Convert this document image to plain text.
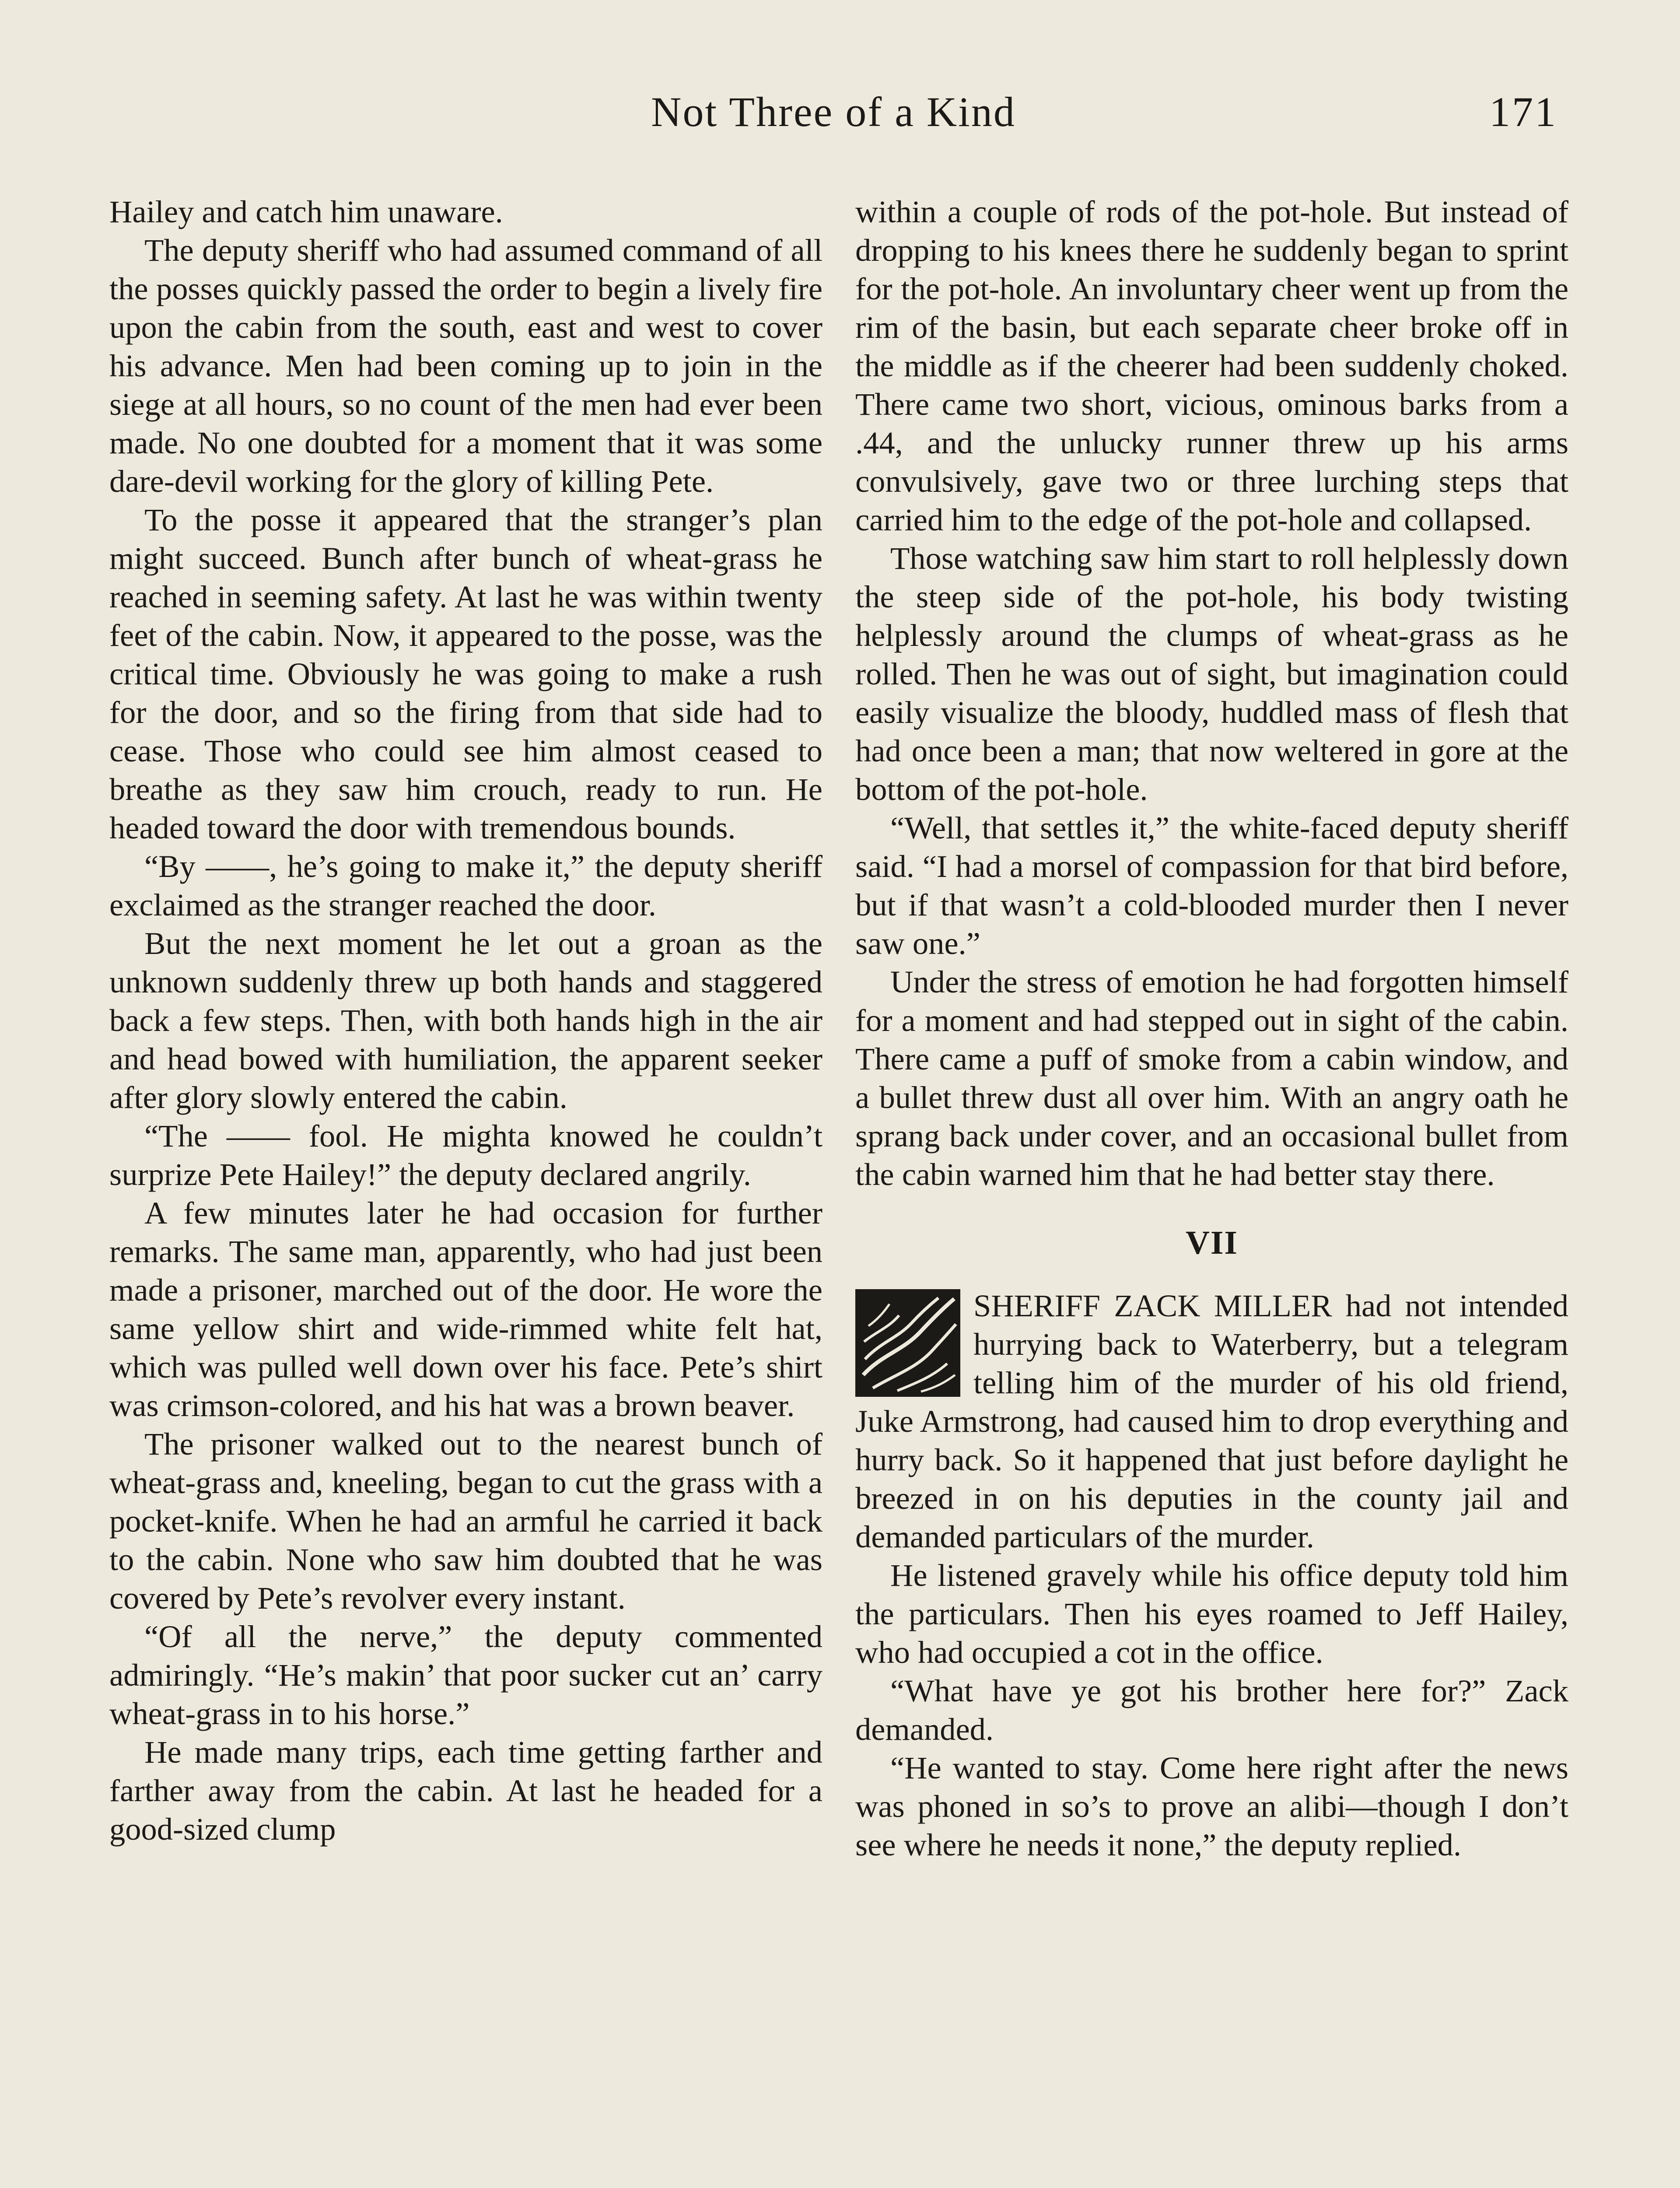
Not Three of a Kind	171

Hailey and catch him unaware.

The deputy sheriff who had assumed command of all the posses quickly passed the order to begin a lively fire upon the cabin from the south, east and west to cover his advance. Men had been coming up to join in the siege at all hours, so no count of the men had ever been made. No one doubted for a moment that it was some dare-devil working for the glory of killing Pete.

To the posse it appeared that the stranger’s plan might succeed. Bunch after bunch of wheat-grass he reached in seeming safety. At last he was within twenty feet of the cabin. Now, it appeared to the posse, was the critical time. Obviously he was going to make a rush for the door, and so the firing from that side had to cease. Those who could see him almost ceased to breathe as they saw him crouch, ready to run. He headed toward the door with tremendous bounds.

“By ——, he’s going to make it,” the deputy sheriff exclaimed as the stranger reached the door.

But the next moment he let out a groan as the unknown suddenly threw up both hands and staggered back a few steps. Then, with both hands high in the air and head bowed with humiliation, the apparent seeker after glory slowly entered the cabin.

“The —— fool. He mighta knowed he couldn’t surprize Pete Hailey!” the deputy declared angrily.

A few minutes later he had occasion for further remarks. The same man, apparently, who had just been made a prisoner, marched out of the door. He wore the same yellow shirt and wide-rimmed white felt hat, which was pulled well down over his face. Pete’s shirt was crimson-colored, and his hat was a brown beaver.

The prisoner walked out to the nearest bunch of wheat-grass and, kneeling, began to cut the grass with a pocket-knife. When he had an armful he carried it back to the cabin. None who saw him doubted that he was covered by Pete’s revolver every instant.

“Of all the nerve,” the deputy commented admiringly. “He’s makin’ that poor sucker cut an’ carry wheat-grass in to his horse.”

He made many trips, each time getting farther and farther away from the cabin. At last he headed for a good-sized clump

within a couple of rods of the pot-hole. But instead of dropping to his knees there he suddenly began to sprint for the pot-hole. An involuntary cheer went up from the rim of the basin, but each separate cheer broke off in the middle as if the cheerer had been suddenly choked. There came two short, vicious, ominous barks from a .44, and the unlucky runner threw up his arms convulsively, gave two or three lurching steps that carried him to the edge of the pot-hole and collapsed.

Those watching saw him start to roll helplessly down the steep side of the pot-hole, his body twisting helplessly around the clumps of wheat-grass as he rolled. Then he was out of sight, but imagination could easily visualize the bloody, huddled mass of flesh that had once been a man; that now weltered in gore at the bottom of the pot-hole.

“Well, that settles it,” the white-faced deputy sheriff said. “I had a morsel of compassion for that bird before, but if that wasn’t a cold-blooded murder then I never saw one.”

Under the stress of emotion he had forgotten himself for a moment and had stepped out in sight of the cabin. There came a puff of smoke from a cabin window, and a bullet threw dust all over him. With an angry oath he sprang back under cover, and an occasional bullet from the cabin warned him that he had better stay there.

VII

SHERIFF ZACK MILLER had not intended hurrying back to Waterberry, but a telegram telling him of the murder of his old friend, Juke Armstrong, had caused him to drop everything and hurry back. So it happened that just before daylight he breezed in on his deputies in the county jail and demanded particulars of the murder.

He listened gravely while his office deputy told him the particulars. Then his eyes roamed to Jeff Hailey, who had occupied a cot in the office.

“What have ye got his brother here for?” Zack demanded.

“He wanted to stay. Come here right after the news was phoned in so’s to prove an alibi—though I don’t see where he needs it none,” the deputy replied.
